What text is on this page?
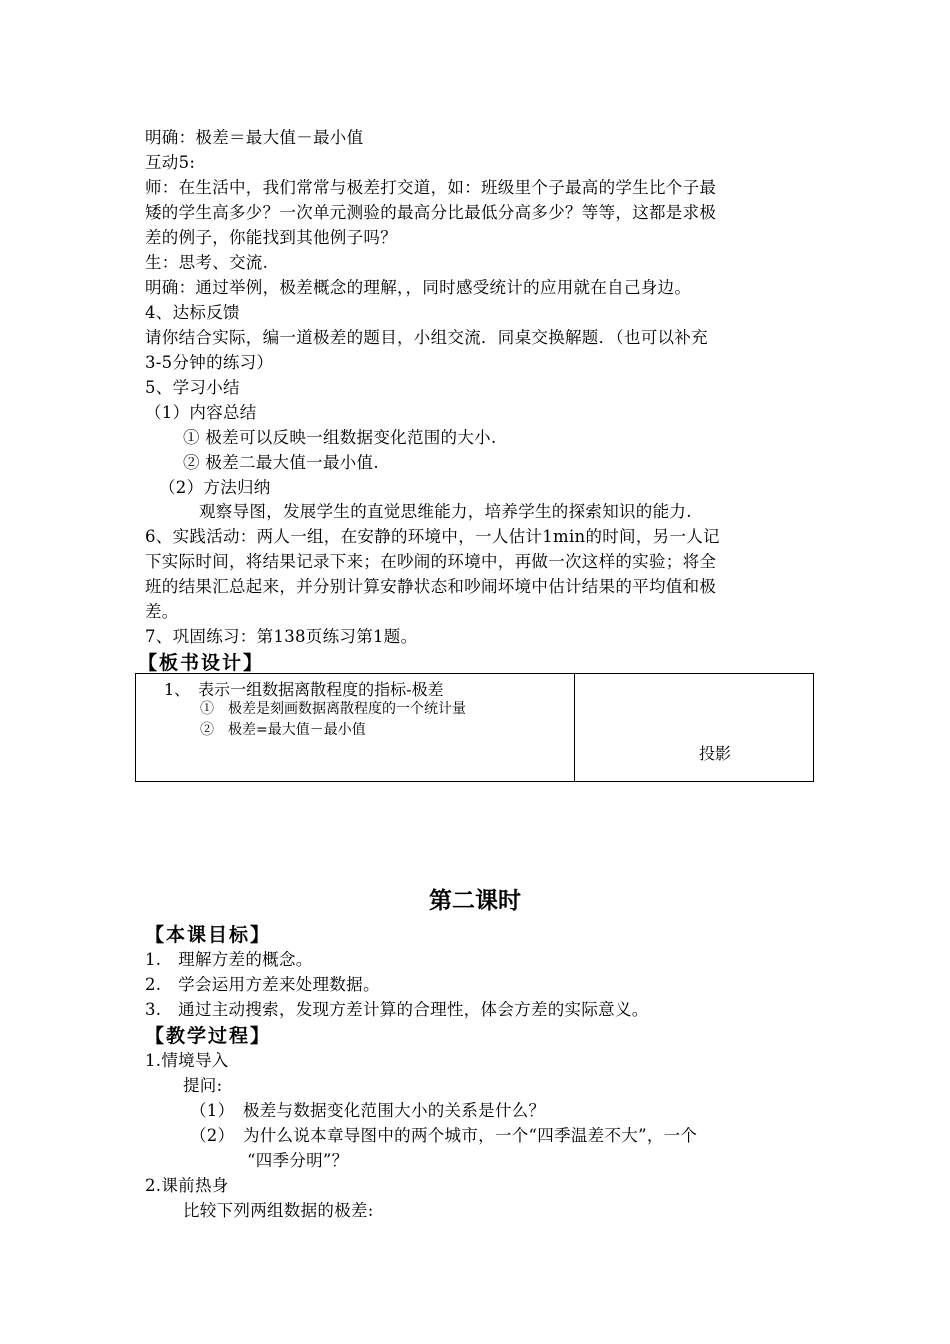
明确：极差＝最大值－最小值
互动5:
师：在生活中，我们常常与极差打交道，如：班级里个子最高的学生比个子最
矮的学生高多少？一次单元测验的最高分比最低分高多少？等等，这都是求极
差的例子，你能找到其他例子吗？
生：思考、交流.
明确：通过举例，极差概念的理解，，同时感受统计的应用就在自己身边。
4、达标反馈
请你结合实际，编一道极差的题目，小组交流．同桌交换解题．（也可以补充
3-5分钟的练习）
5、学习小结
（1）内容总结
① 极差可以反映一组数据变化范围的大小.
② 极差二最大值一最小值.
（2）方法归纳
观察导图，发展学生的直觉思维能力，培养学生的探索知识的能力.
6、实践活动：两人一组，在安静的环境中，一人估计1min的时间，另一人记
下实际时间，将结果记录下来；在吵闹的环境中，再做一次这样的实验；将全
班的结果汇总起来，并分别计算安静状态和吵闹坏境中估计结果的平均值和极
差。
7、巩固练习：第138页练习第1题。
【板书设计】
1、　表示一组数据离散程度的指标-极差
①　极差是刻画数据离散程度的一个统计量
②　极差=最大值－最小值
投影
第二课时
【本课目标】
1.　理解方差的概念。
2.　学会运用方差来处理数据。
3.　通过主动搜索，发现方差计算的合理性，体会方差的实际意义。
【教学过程】
1.情境导入
提问:
（1）　极差与数据变化范围大小的关系是什么？
（2）　为什么说本章导图中的两个城市，一个“四季温差不大”，一个
“四季分明”？
2.课前热身
比较下列两组数据的极差:
